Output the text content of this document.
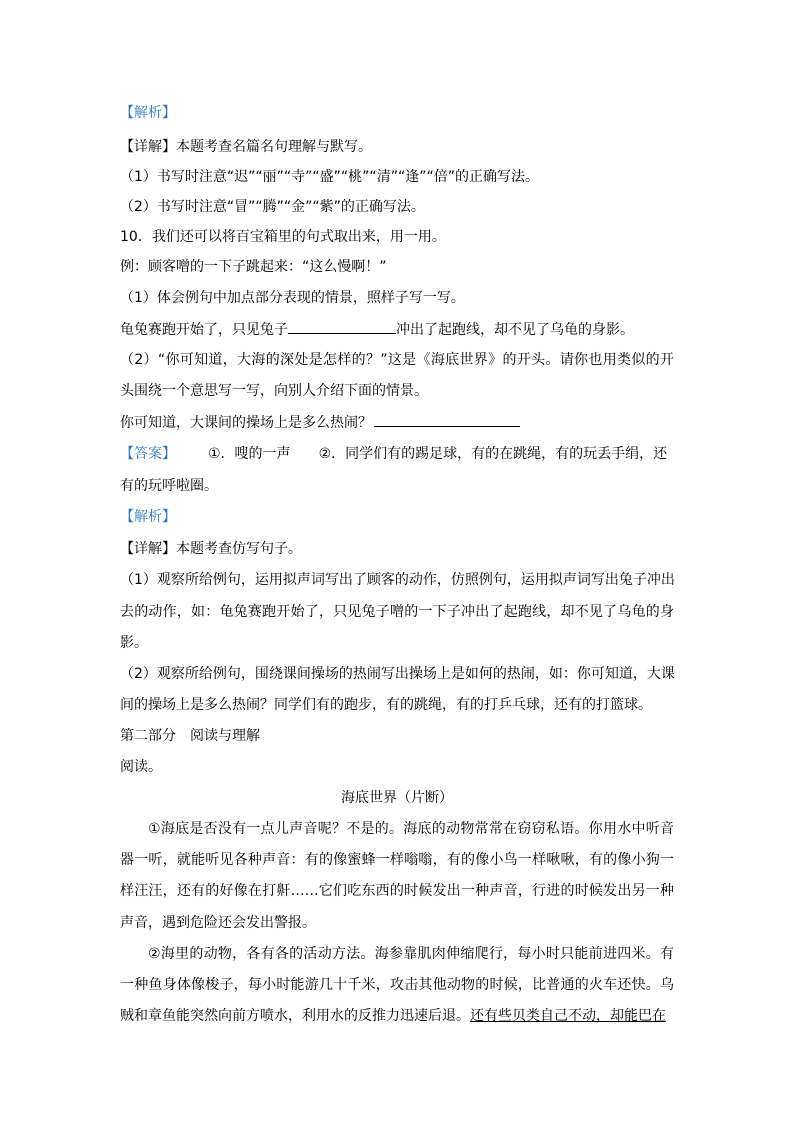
【解析】
【详解】本题考查名篇名句理解与默写。
（1）书写时注意“迟”“丽”“寺”“盛”“桃”“清”“逢”“倍”的正确写法。
（2）书写时注意“冒”“腾”“金”“紫”的正确写法。
10．我们还可以将百宝箱里的句式取出来，用一用。
例：顾客噌的一下子跳起来：“这么慢啊！”
（1）体会例句中加点部分表现的情景，照样子写一写。
龟兔赛跑开始了，只见兔子	冲出了起跑线，却不见了乌龟的身影。
（2）“你可知道，大海的深处是怎样的？”这是《海底世界》的开头。请你也用类似的开
头围绕一个意思写一写，向别人介绍下面的情景。
你可知道，大课间的操场上是多么热闹？
【答案】 ①．嗖的一声 ②．同学们有的踢足球，有的在跳绳，有的玩丢手绢，还
有的玩呼啦圈。
【解析】
【详解】本题考查仿写句子。
（1）观察所给例句，运用拟声词写出了顾客的动作，仿照例句，运用拟声词写出兔子冲出
去的动作，如：龟兔赛跑开始了，只见兔子噌的一下子冲出了起跑线，却不见了乌龟的身
影。
（2）观察所给例句，围绕课间操场的热闹写出操场上是如何的热闹，如：你可知道，大课
间的操场上是多么热闹？同学们有的跑步，有的跳绳，有的打乒乓球，还有的打篮球。
第二部分　阅读与理解
阅读。
海底世界（片断）
①海底是否没有一点儿声音呢？不是的。海底的动物常常在窃窃私语。你用水中听音
器一听，就能听见各种声音：有的像蜜蜂一样嗡嗡，有的像小鸟一样啾啾，有的像小狗一
样汪汪，还有的好像在打鼾……它们吃东西的时候发出一种声音，行进的时候发出另一种
声音，遇到危险还会发出警报。
②海里的动物，各有各的活动方法。海参靠肌肉伸缩爬行，每小时只能前进四米。有
一种鱼身体像梭子，每小时能游几十千米，攻击其他动物的时候，比普通的火车还快。乌
贼和章鱼能突然向前方喷水，利用水的反推力迅速后退。还有些贝类自己不动，却能巴在
